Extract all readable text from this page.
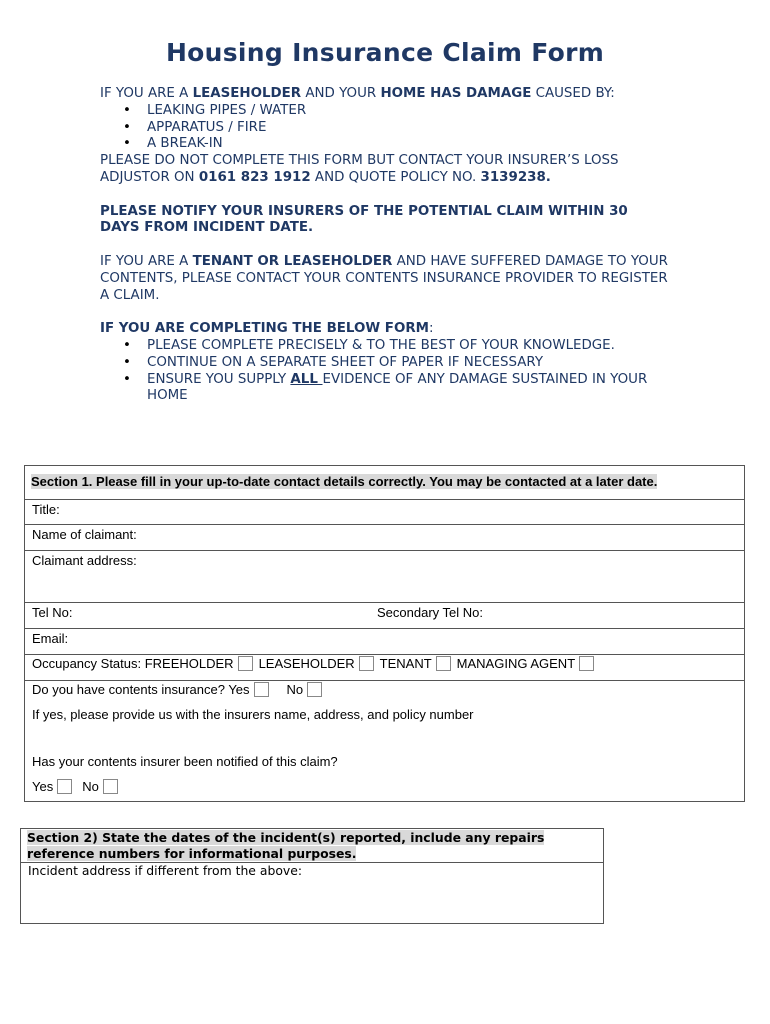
Housing Insurance Claim Form

IF YOU ARE A LEASEHOLDER AND YOUR HOME HAS DAMAGE CAUSED BY:

• LEAKING PIPES / WATER
• APPARATUS / FIRE
• A BREAK-IN

PLEASE DO NOT COMPLETE THIS FORM BUT CONTACT YOUR INSURER’S LOSS ADJUSTOR ON 0161 823 1912 AND QUOTE POLICY NO. 3139238.

PLEASE NOTIFY YOUR INSURERS OF THE POTENTIAL CLAIM WITHIN 30 DAYS FROM INCIDENT DATE.

IF YOU ARE A TENANT OR LEASEHOLDER AND HAVE SUFFERED DAMAGE TO YOUR CONTENTS, PLEASE CONTACT YOUR CONTENTS INSURANCE PROVIDER TO REGISTER A CLAIM.

IF YOU ARE COMPLETING THE BELOW FORM:

• PLEASE COMPLETE PRECISELY & TO THE BEST OF YOUR KNOWLEDGE.
• CONTINUE ON A SEPARATE SHEET OF PAPER IF NECESSARY
• ENSURE YOU SUPPLY ALL EVIDENCE OF ANY DAMAGE SUSTAINED IN YOUR HOME
Section 1. Please fill in your up-to-date contact details correctly. You may be contacted at a later date.
Title:
Name of claimant:
Claimant address:
Tel No:	Secondary Tel No:
Email:
Occupancy Status: FREEHOLDER LEASEHOLDER TENANT MANAGING AGENT
Do you have contents insurance? Yes	No
If yes, please provide us with the insurers name, address, and policy number
Has your contents insurer been notified of this claim?
Yes No
Section 2) State the dates of the incident(s) reported, include any repairs reference numbers for informational purposes.
Incident address if different from the above:
